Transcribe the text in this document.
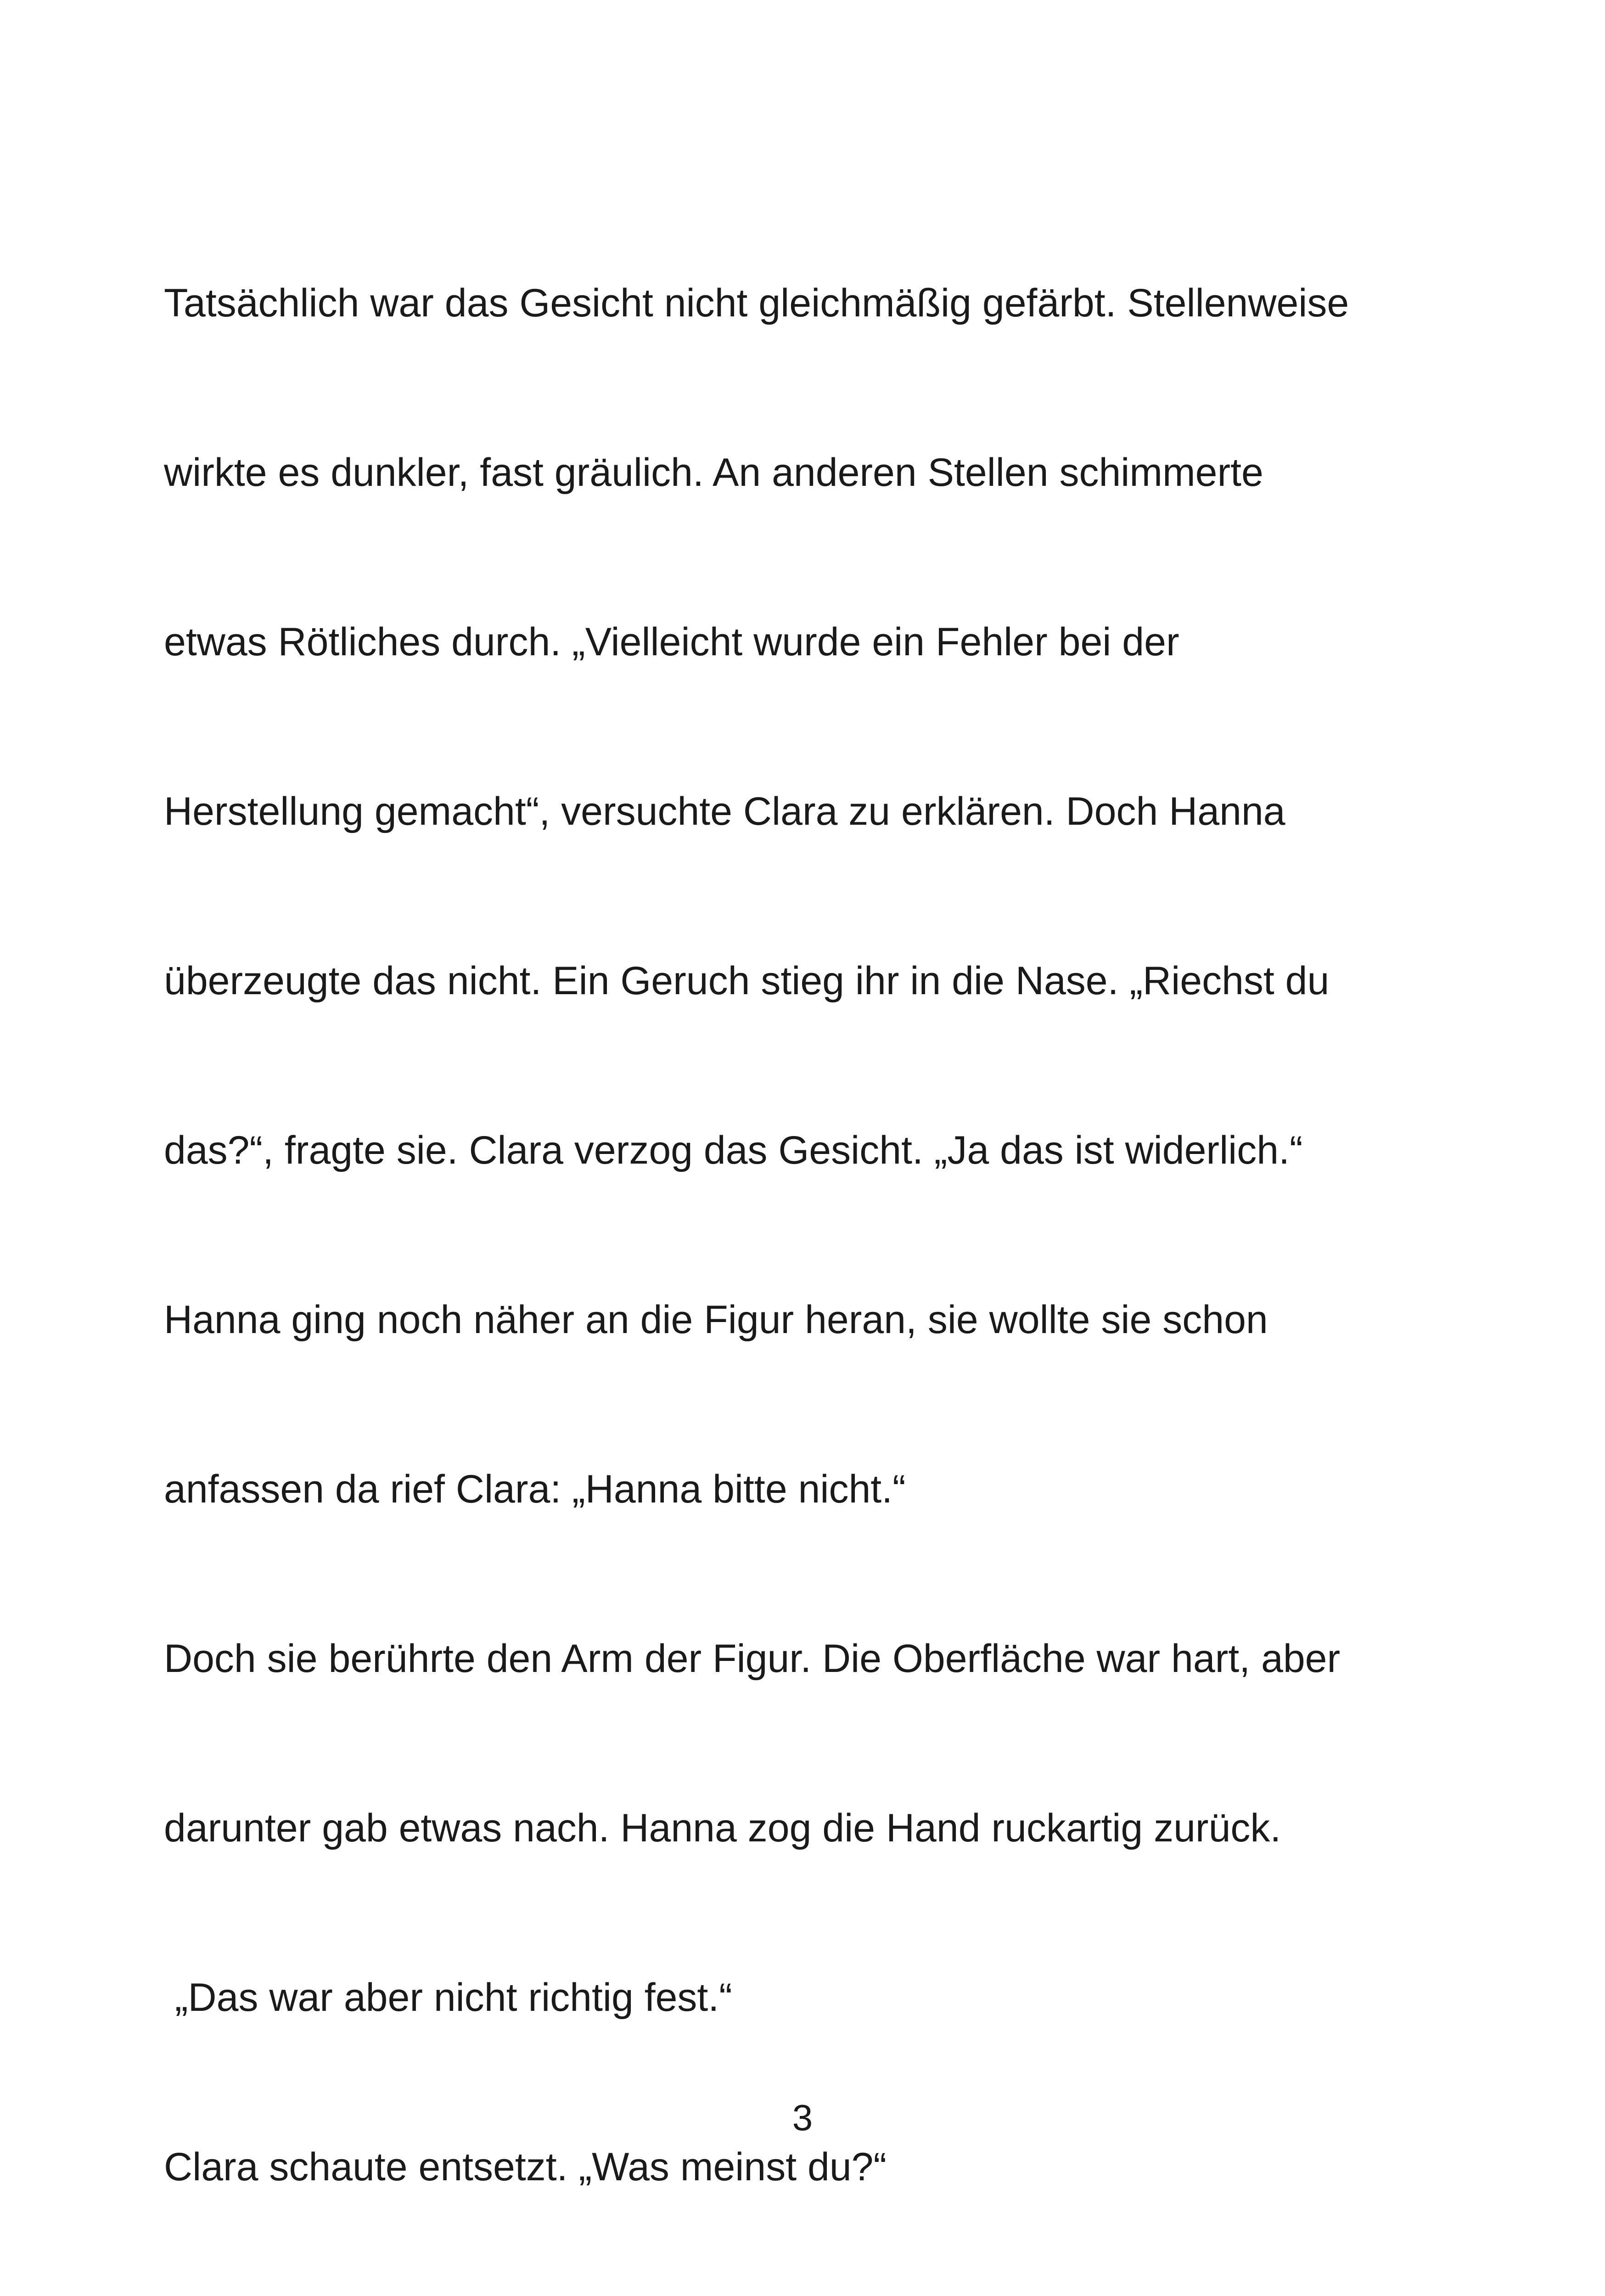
Tatsächlich war das Gesicht nicht gleichmäßig gefärbt. Stellenweise

wirkte es dunkler, fast gräulich. An anderen Stellen schimmerte

etwas Rötliches durch. „Vielleicht wurde ein Fehler bei der

Herstellung gemacht“, versuchte Clara zu erklären. Doch Hanna

überzeugte das nicht. Ein Geruch stieg ihr in die Nase. „Riechst du

das?“, fragte sie. Clara verzog das Gesicht. „Ja das ist widerlich.“

Hanna ging noch näher an die Figur heran, sie wollte sie schon

anfassen da rief Clara: „Hanna bitte nicht.“

Doch sie berührte den Arm der Figur. Die Oberfläche war hart, aber

darunter gab etwas nach. Hanna zog die Hand ruckartig zurück.

„Das war aber nicht richtig fest.“

Clara schaute entsetzt. „Was meinst du?“

3
